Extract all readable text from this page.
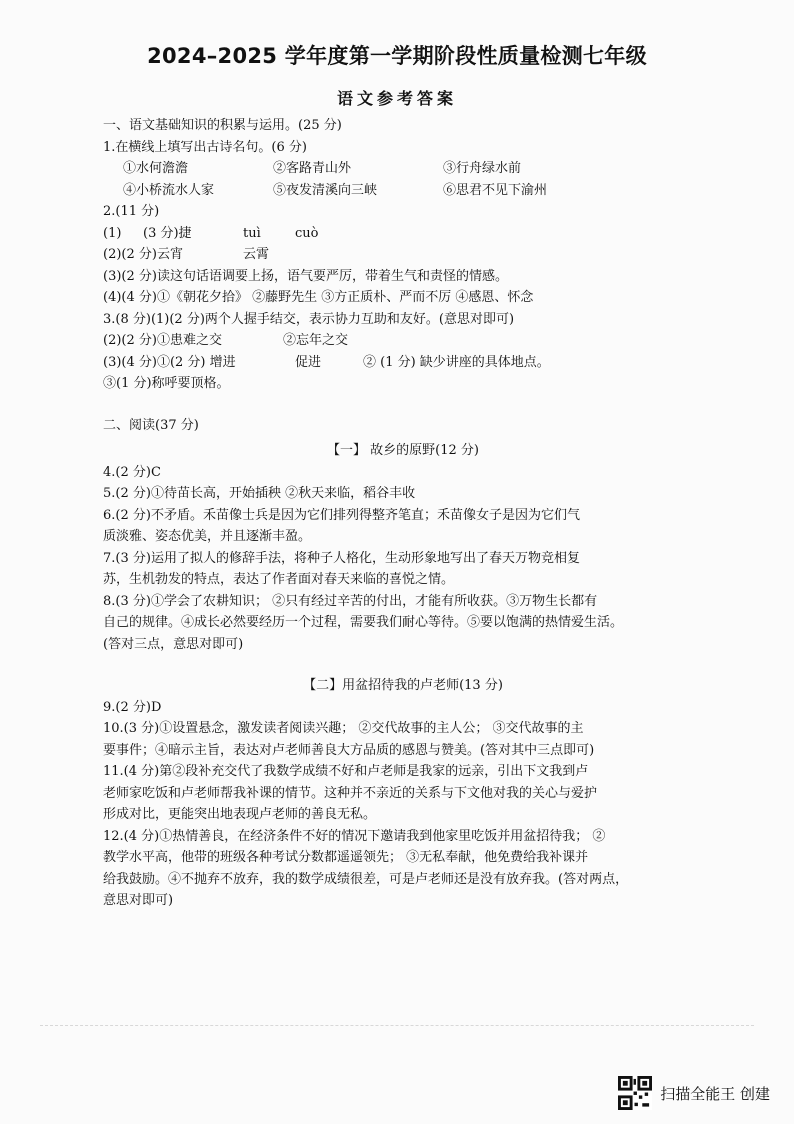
2024–2025 学年度第一学期阶段性质量检测七年级
语文参考答案
一、语文基础知识的积累与运用。(25 分)
1.在横线上填写出古诗名句。(6 分)
①水何澹澹	②客路青山外	③行舟绿水前
④小桥流水人家	⑤夜发清溪向三峡	⑥思君不见下渝州
2.(11 分)
(1) (3 分)捷	tuì	cuò
(2)(2 分)云宵	云霄
(3)(2 分)读这句话语调要上扬，语气要严厉，带着生气和责怪的情感。
(4)(4 分)①《朝花夕拾》 ②藤野先生 ③方正质朴、严而不厉 ④感恩、怀念
3.(8 分)(1)(2 分)两个人握手结交，表示协力互助和友好。(意思对即可)
(2)(2 分)①患难之交	②忘年之交
(3)(4 分)①(2 分) 增进	促进	② (1 分) 缺少讲座的具体地点。
③(1 分)称呼要顶格。
二、阅读(37 分)
【一】 故乡的原野(12 分)
4.(2 分)C
5.(2 分)①待苗长高，开始插秧 ②秋天来临，稻谷丰收
6.(2 分)不矛盾。禾苗像士兵是因为它们排列得整齐笔直；禾苗像女子是因为它们气
质淡雅、姿态优美，并且逐渐丰盈。
7.(3 分)运用了拟人的修辞手法，将种子人格化，生动形象地写出了春天万物竞相复
苏，生机勃发的特点，表达了作者面对春天来临的喜悦之情。
8.(3 分)①学会了农耕知识； ②只有经过辛苦的付出，才能有所收获。③万物生长都有
自己的规律。④成长必然要经历一个过程，需要我们耐心等待。⑤要以饱满的热情爱生活。
(答对三点，意思对即可)
【二】用盆招待我的卢老师(13 分)
9.(2 分)D
10.(3 分)①设置悬念，激发读者阅读兴趣； ②交代故事的主人公； ③交代故事的主
要事件；④暗示主旨，表达对卢老师善良大方品质的感恩与赞美。(答对其中三点即可)
11.(4 分)第②段补充交代了我数学成绩不好和卢老师是我家的远亲，引出下文我到卢
老师家吃饭和卢老师帮我补课的情节。这种并不亲近的关系与下文他对我的关心与爱护
形成对比，更能突出地表现卢老师的善良无私。
12.(4 分)①热情善良，在经济条件不好的情况下邀请我到他家里吃饭并用盆招待我； ②
教学水平高，他带的班级各种考试分数都遥遥领先； ③无私奉献，他免费给我补课并
给我鼓励。④不抛弃不放弃，我的数学成绩很差，可是卢老师还是没有放弃我。(答对两点，
意思对即可)
扫描全能王 创建
